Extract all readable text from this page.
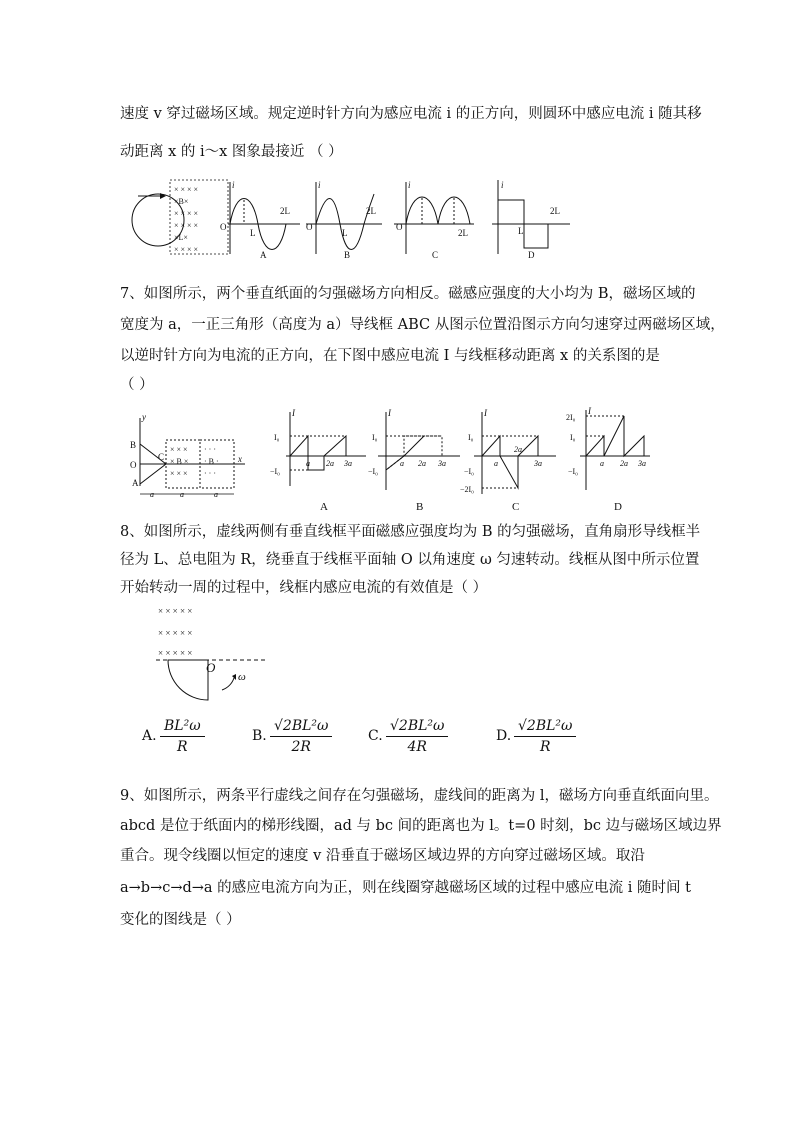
速度 v 穿过磁场区域。规定逆时针方向为感应电流 i 的正方向，则圆环中感应电流 i 随其移
动距离 x 的 i～x 图象最接近 （ ）
× × × ×
×B×
× × × ×
× × × ×
×L×
× × × ×
i
O
L
2L
A
i
O
L
2L
B
i
O
2L
C
i
L
2L
D
7、如图所示，两个垂直纸面的匀强磁场方向相反。磁感应强度的大小均为 B，磁场区域的
宽度为 a，一正三角形（高度为 a）导线框 ABC 从图示位置沿图示方向匀速穿过两磁场区域，
以逆时针方向为电流的正方向，在下图中感应电流 I 与线框移动距离 x 的关系图的是
（ ）
y
x
B
A
C
O
× × ×
× B ×
× × ×
· · ·
· B ·
· · ·
a	a	a
I
I₀
−I₀
a 2a 3a
A
I
I₀
−I₀
a 2a 3a
B
I
I₀
−I₀
−2I₀
a
2a
3a
C
I
2I₀
I₀
−I₀
a 2a 3a
D
8、如图所示，虚线两侧有垂直线框平面磁感应强度均为 B 的匀强磁场，直角扇形导线框半
径为 L、总电阻为 R，绕垂直于线框平面轴 O 以角速度 ω 匀速转动。线框从图中所示位置
开始转动一周的过程中，线框内感应电流的有效值是（ ）
× × × × ×
× × × × ×
× × × × ×
O
ω
A. $\frac{\text{BL²ω}}{R}$	B. $\frac{\text{√2BL²ω}}{2R}$	C. $\frac{\text{√2BL²ω}}{4R}$	D. $\frac{\text{√2BL²ω}}{R}$
9、如图所示，两条平行虚线之间存在匀强磁场，虚线间的距离为 l，磁场方向垂直纸面向里。
abcd 是位于纸面内的梯形线圈，ad 与 bc 间的距离也为 l。t=0 时刻，bc 边与磁场区域边界
重合。现令线圈以恒定的速度 v 沿垂直于磁场区域边界的方向穿过磁场区域。取沿
a→b→c→d→a 的感应电流方向为正，则在线圈穿越磁场区域的过程中感应电流 i 随时间 t
变化的图线是（ ）
